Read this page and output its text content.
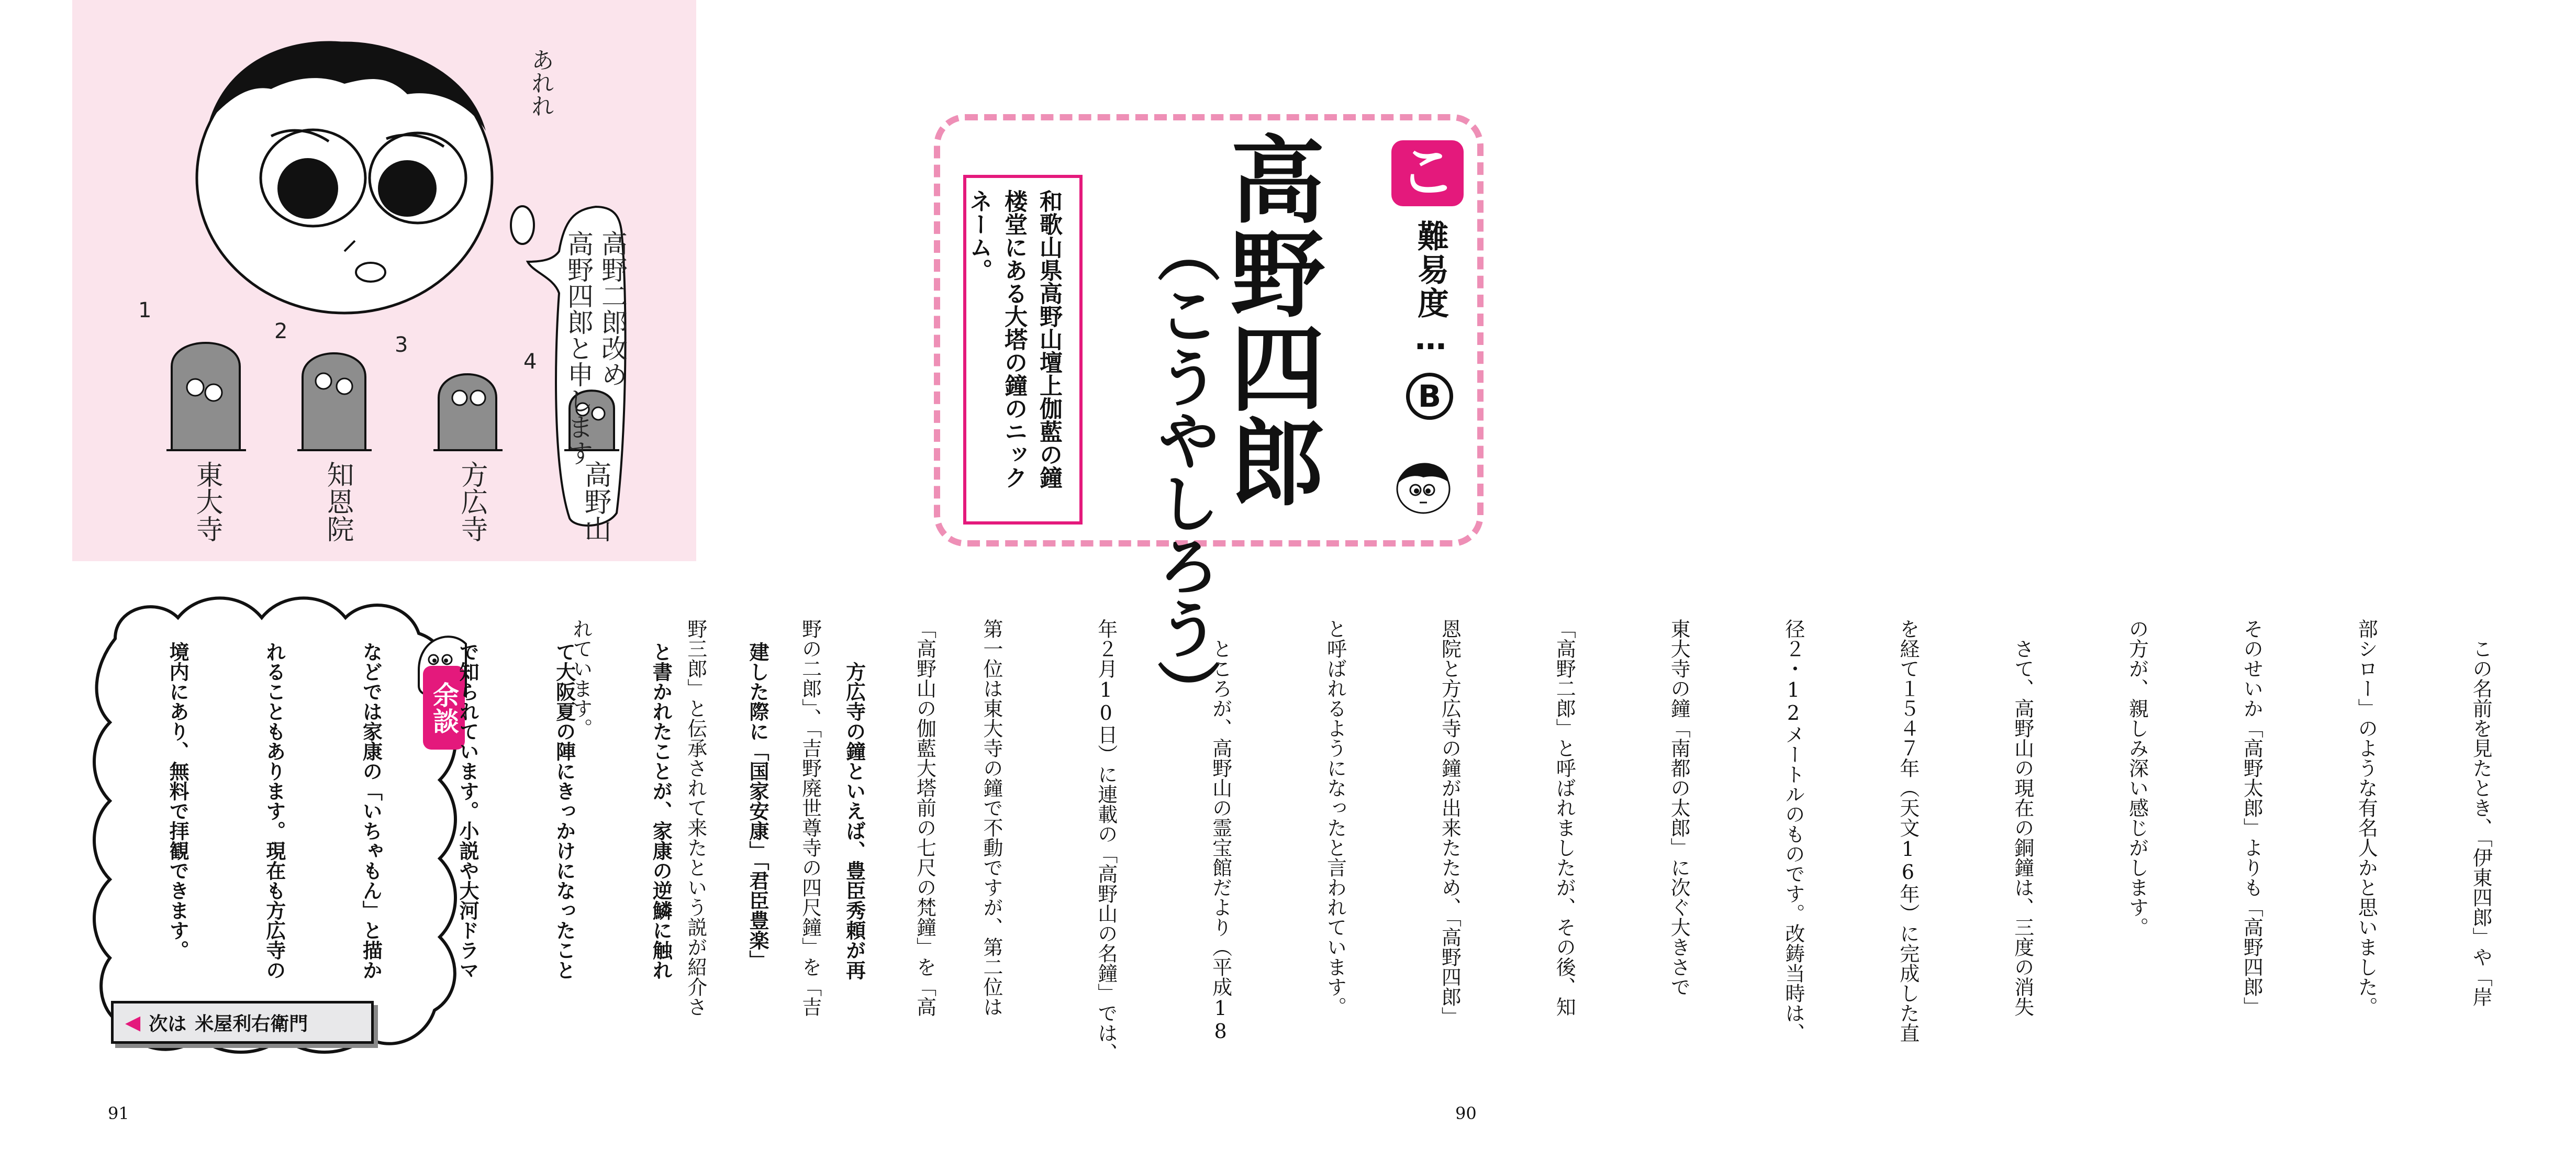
あれれ
高野二郎改め
高野四郎と申します
1
東大寺
2
知恩院
3
方広寺
4
高野山
こ
難易度…
B
高野四郎
（こうやしろう）
和歌山県高野山壇上伽藍の鐘
楼堂にある大塔の鐘のニック
ネーム。

　この名前を見たとき、「伊東四郎」や「岸

部シロー」のような有名人かと思いました。

そのせいか「高野太郎」よりも「高野四郎」

の方が、親しみ深い感じがします。

　さて、高野山の現在の銅鐘は、三度の消失

を経て１５４７年（天文16年）に完成した直

径２・12メートルのものです。改鋳当時は、

東大寺の鐘「南都の太郎」に次ぐ大きさで

「高野二郎」と呼ばれましたが、その後、知

恩院と方広寺の鐘が出来たため、「高野四郎」

と呼ばれるようになったと言われています。

　ところが、高野山の霊宝館だより（平成18

年２月10日）に連載の「高野山の名鐘」では、

第一位は東大寺の鐘で不動ですが、第二位は

「高野山の伽藍大塔前の七尺の梵鐘」を「高

野の二郎」、「吉野廃世尊寺の四尺鐘」を「吉

野三郎」と伝承されて来たという説が紹介さ

れています。

余談

	　方広寺の鐘といえば、豊臣秀頼が再

建した際に「国家安康」「君臣豊楽」

と書かれたことが、家康の逆鱗に触れ

て大阪夏の陣にきっかけになったこと

で知られています。小説や大河ドラマ

などでは家康の「いちゃもん」と描か

れることもあります。現在も方広寺の

境内にあり、無料で拝観できます。

◀ 次は 米屋利右衛門
91	90
